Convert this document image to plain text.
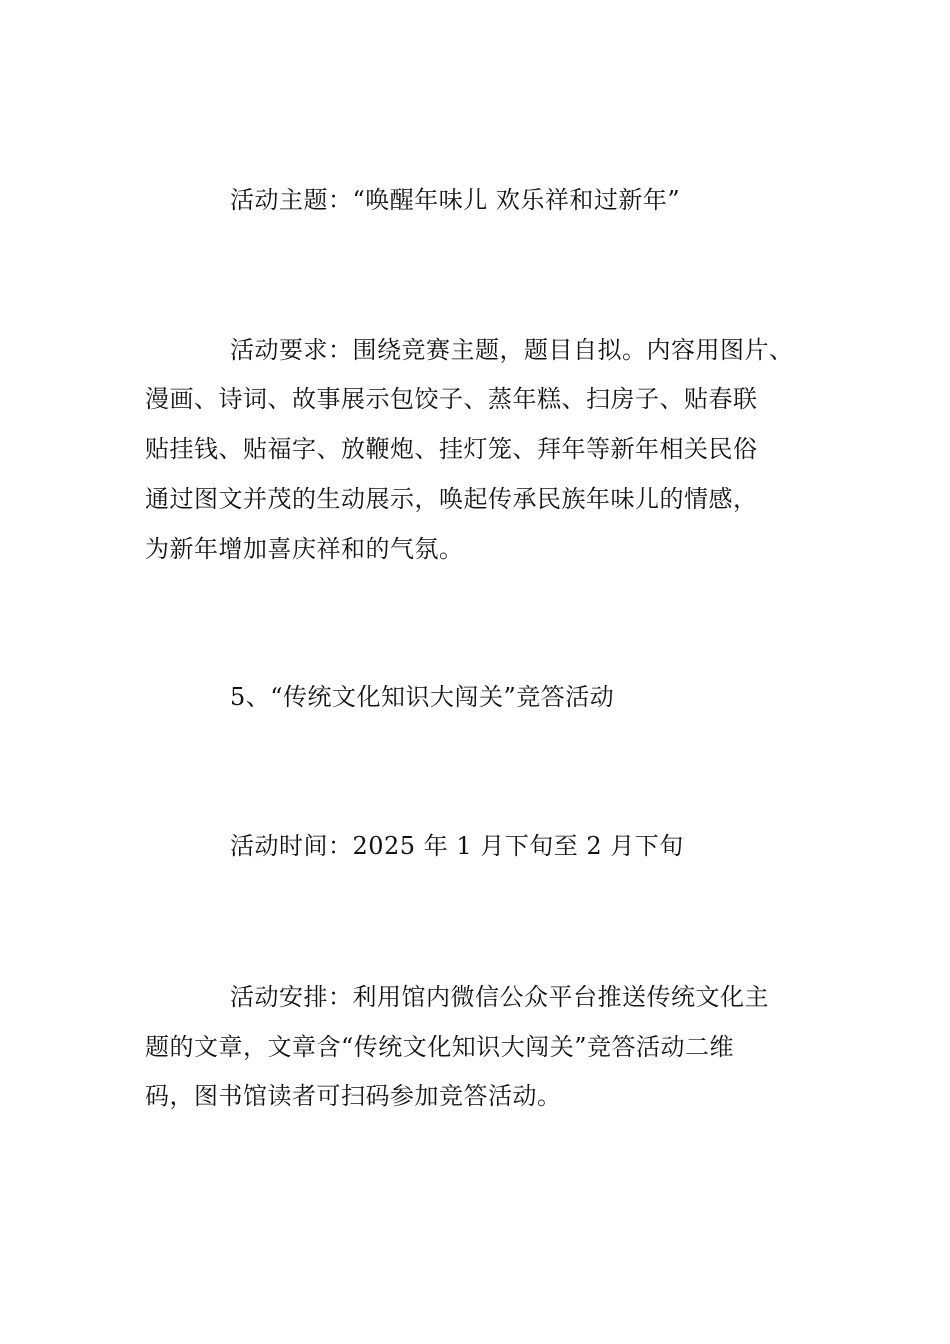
活动主题：“唤醒年味儿 欢乐祥和过新年”

活动要求：围绕竞赛主题，题目自拟。内容用图片、

漫画、诗词、故事展示包饺子、蒸年糕、扫房子、贴春联

贴挂钱、贴福字、放鞭炮、挂灯笼、拜年等新年相关民俗

通过图文并茂的生动展示，唤起传承民族年味儿的情感，

为新年增加喜庆祥和的气氛。

5、“传统文化知识大闯关”竞答活动

活动时间：2025 年 1 月下旬至 2 月下旬

活动安排：利用馆内微信公众平台推送传统文化主

题的文章，文章含“传统文化知识大闯关”竞答活动二维

码，图书馆读者可扫码参加竞答活动。
